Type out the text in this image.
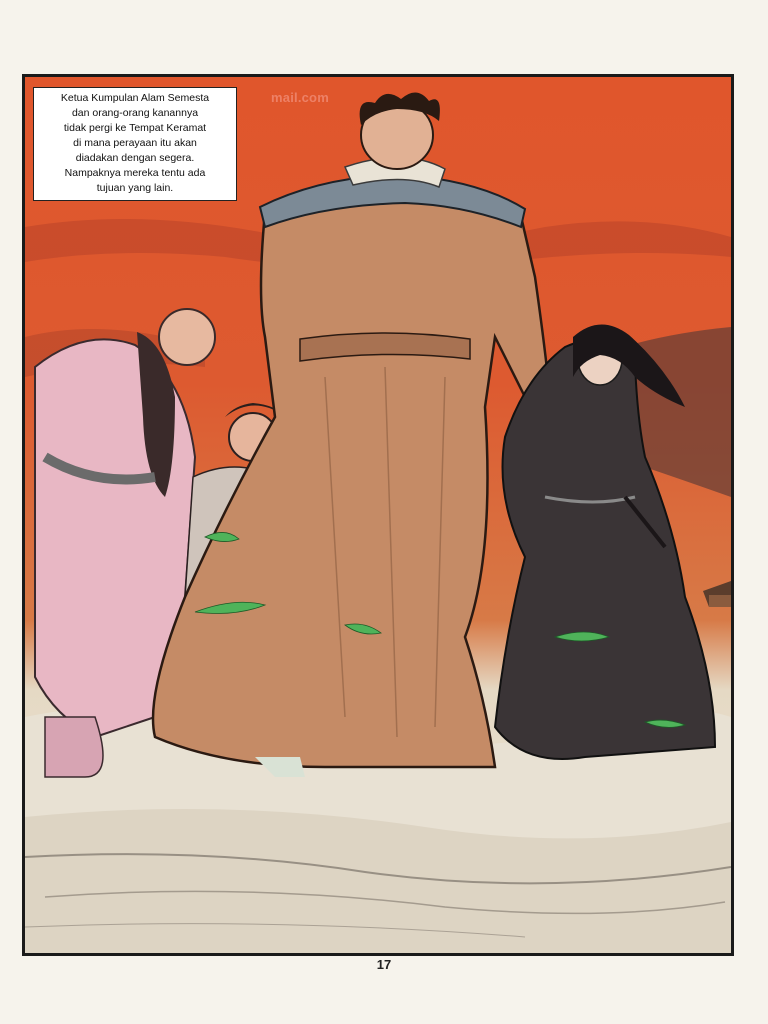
Ketua Kumpulan Alam Semesta
dan orang-orang kanannya
tidak pergi ke Tempat Keramat
di mana perayaan itu akan
diadakan dengan segera.
Nampaknya mereka tentu ada
tujuan yang lain.
mail.com
17
